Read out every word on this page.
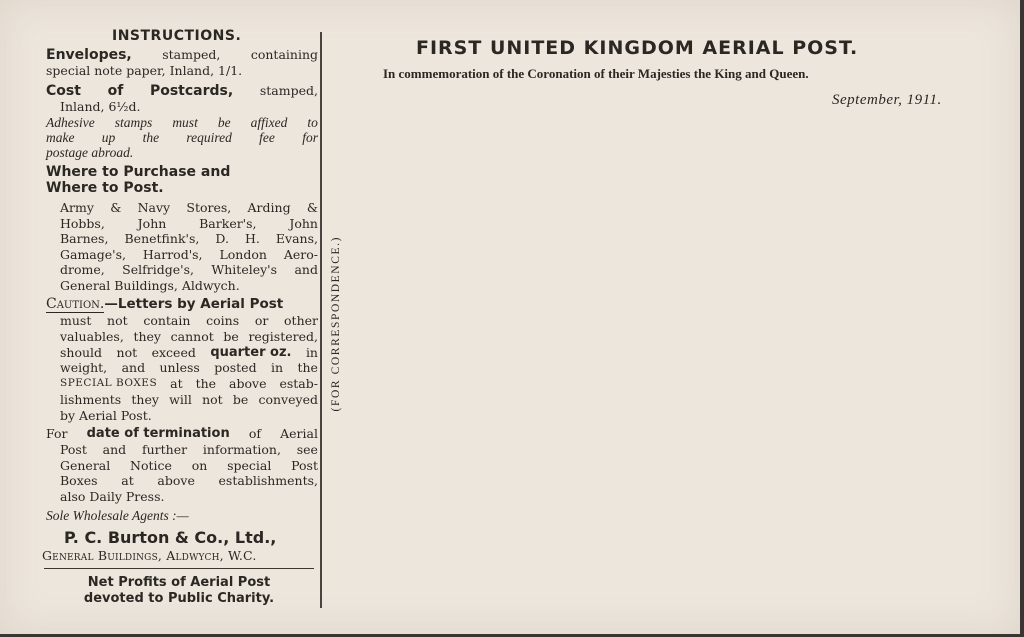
INSTRUCTIONS.
Envelopes, stamped, containing
special note paper, Inland, 1/1.
Cost of Postcards, stamped,
Inland, 6½d.
Adhesive stamps must be affixed to
make up the required fee for
postage abroad.
Where to Purchase and
Where to Post.
Army & Navy Stores, Arding &
Hobbs,	John	Barker's,	John
Barnes, Benetfink's, D. H. Evans,
Gamage's, Harrod's, London Aero-
drome, Selfridge's, Whiteley's and
General Buildings, Aldwych.
Caution.—Letters by Aerial Post
must not contain coins or other
valuables, they cannot be registered,
should not exceed quarter oz. in
weight, and unless posted in the
SPECIAL BOXES at the above estab-
lishments they will not be conveyed
by Aerial Post.
For date of termination of Aerial
Post and further information, see
General Notice on special Post
Boxes at above establishments,
also Daily Press.
Sole Wholesale Agents :—
P. C. Burton & Co., Ltd.,
General Buildings, Aldwych, W.C.
Net Profits of Aerial Post
devoted to Public Charity.
(FOR CORRESPONDENCE.)
FIRST UNITED KINGDOM AERIAL POST.
In commemoration of the Coronation of their Majesties the King and Queen.
September, 1911.
